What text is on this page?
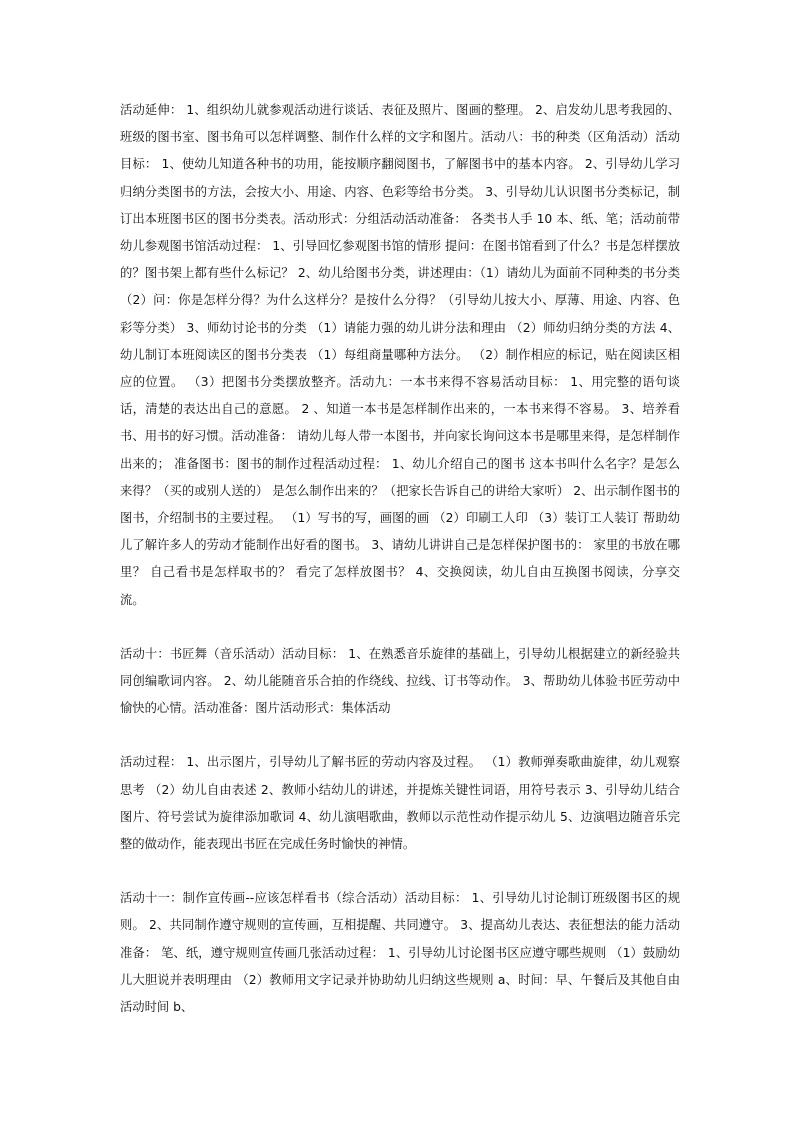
活动延伸： 1、组织幼儿就参观活动进行谈话、表征及照片、图画的整理。 2、启发幼儿思考我园的、班级的图书室、图书角可以怎样调整、制作什么样的文字和图片。活动八：书的种类（区角活动）活动目标： 1、使幼儿知道各种书的功用，能按顺序翻阅图书，了解图书中的基本内容。 2、引导幼儿学习归纳分类图书的方法，会按大小、用途、内容、色彩等给书分类。 3、引导幼儿认识图书分类标记，制订出本班图书区的图书分类表。活动形式：分组活动活动准备： 各类书人手 10 本、纸、笔；活动前带幼儿参观图书馆活动过程： 1、引导回忆参观图书馆的情形 提问：在图书馆看到了什么？书是怎样摆放的？图书架上都有些什么标记？ 2、幼儿给图书分类，讲述理由：（1）请幼儿为面前不同种类的书分类（2）问：你是怎样分得？为什么这样分？是按什么分得？（引导幼儿按大小、厚薄、用途、内容、色彩等分类） 3、师幼讨论书的分类 （1）请能力强的幼儿讲分法和理由 （2）师幼归纳分类的方法 4、幼儿制订本班阅读区的图书分类表 （1）每组商量哪种方法分。 （2）制作相应的标记，贴在阅读区相应的位置。 （3）把图书分类摆放整齐。活动九：一本书来得不容易活动目标： 1、用完整的语句谈话，清楚的表达出自己的意愿。 2 、知道一本书是怎样制作出来的，一本书来得不容易。 3、培养看书、用书的好习惯。活动准备： 请幼儿每人带一本图书，并向家长询问这本书是哪里来得，是怎样制作出来的； 准备图书：图书的制作过程活动过程： 1、幼儿介绍自己的图书 这本书叫什么名字？是怎么来得？（买的或别人送的） 是怎么制作出来的？（把家长告诉自己的讲给大家听） 2、出示制作图书的图书，介绍制书的主要过程。 （1）写书的写，画图的画 （2）印刷工人印 （3）装订工人装订 帮助幼儿了解许多人的劳动才能制作出好看的图书。 3、请幼儿讲讲自己是怎样保护图书的： 家里的书放在哪里？ 自己看书是怎样取书的？ 看完了怎样放图书？ 4、交换阅读，幼儿自由互换图书阅读，分享交流。

活动十：书匠舞（音乐活动）活动目标： 1、在熟悉音乐旋律的基础上，引导幼儿根据建立的新经验共同创编歌词内容。 2、幼儿能随音乐合拍的作绕线、拉线、订书等动作。 3、帮助幼儿体验书匠劳动中愉快的心情。活动准备：图片活动形式：集体活动

活动过程： 1、出示图片，引导幼儿了解书匠的劳动内容及过程。 （1）教师弹奏歌曲旋律，幼儿观察思考 （2）幼儿自由表述 2、教师小结幼儿的讲述，并提炼关键性词语，用符号表示 3、引导幼儿结合图片、符号尝试为旋律添加歌词 4、幼儿演唱歌曲，教师以示范性动作提示幼儿 5、边演唱边随音乐完整的做动作，能表现出书匠在完成任务时愉快的神情。

活动十一：制作宣传画--应该怎样看书（综合活动）活动目标： 1、引导幼儿讨论制订班级图书区的规则。 2、共同制作遵守规则的宣传画，互相提醒、共同遵守。 3、提高幼儿表达、表征想法的能力活动准备： 笔、纸，遵守规则宣传画几张活动过程： 1、引导幼儿讨论图书区应遵守哪些规则 （1）鼓励幼儿大胆说并表明理由 （2）教师用文字记录并协助幼儿归纳这些规则 a、时间：早、午餐后及其他自由活动时间 b、
